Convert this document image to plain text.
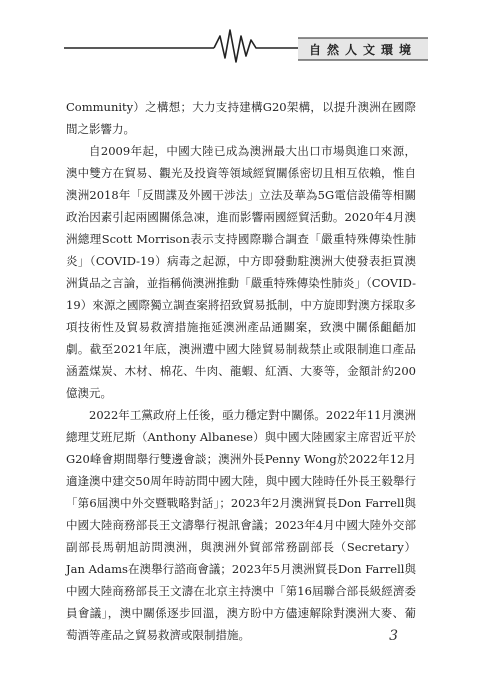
自然人文環境

Community）之構想；大力支持建構G20架構，以提升澳洲在國際間之影響力。

自2009年起，中國大陸已成為澳洲最大出口市場與進口來源，澳中雙方在貿易、觀光及投資等領域經貿關係密切且相互依賴，惟自澳洲2018年「反間諜及外國干涉法」立法及華為5G電信設備等相關政治因素引起兩國關係急凍，進而影響兩國經貿活動。2020年4月澳洲總理Scott Morrison表示支持國際聯合調查「嚴重特殊傳染性肺炎」（COVID-19）病毒之起源，中方即發動駐澳洲大使發表拒買澳洲貨品之言論，並指稱倘澳洲推動「嚴重特殊傳染性肺炎」（COVID-19）來源之國際獨立調查案將招致貿易抵制，中方旋即對澳方採取多項技術性及貿易救濟措施拖延澳洲產品通關案，致澳中關係齟齬加劇。截至2021年底，澳洲遭中國大陸貿易制裁禁止或限制進口產品涵蓋煤炭、木材、棉花、牛肉、龍蝦、紅酒、大麥等，金額計約200億澳元。

2022年工黨政府上任後，亟力穩定對中關係。2022年11月澳洲總理艾班尼斯（Anthony Albanese）與中國大陸國家主席習近平於G20峰會期間舉行雙邊會談；澳洲外長Penny Wong於2022年12月適逢澳中建交50周年時訪問中國大陸，與中國大陸時任外長王毅舉行「第6屆澳中外交暨戰略對話」；2023年2月澳洲貿長Don Farrell與中國大陸商務部長王文濤舉行視訊會議；2023年4月中國大陸外交部副部長馬朝旭訪問澳洲，與澳洲外貿部常務副部長（Secretary）Jan Adams在澳舉行諮商會議；2023年5月澳洲貿長Don Farrell與中國大陸商務部長王文濤在北京主持澳中「第16屆聯合部長級經濟委員會議」，澳中關係逐步回溫，澳方盼中方儘速解除對澳洲大麥、葡萄酒等產品之貿易救濟或限制措施。	3
